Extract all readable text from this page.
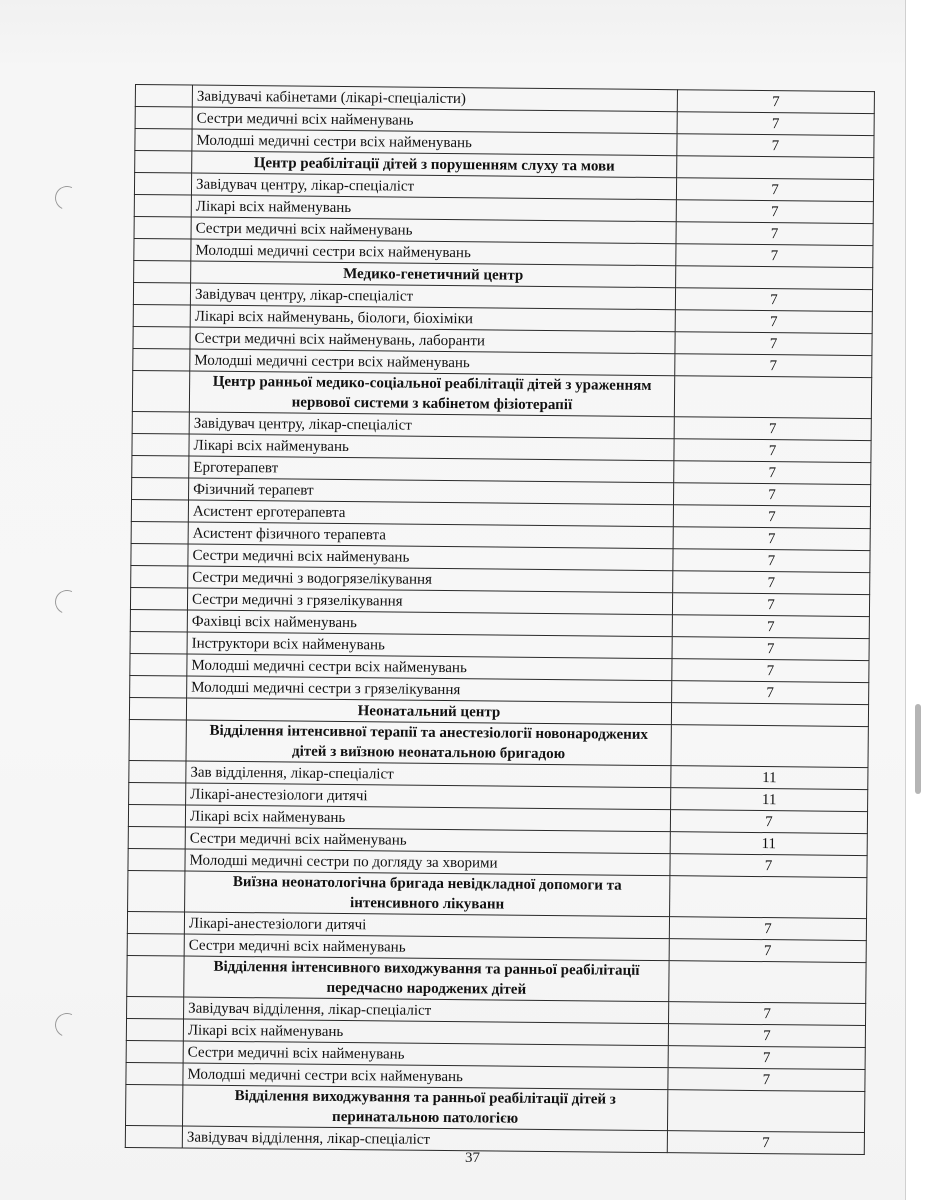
	Завідувачі кабінетами (лікарі-спеціалісти)	7
	Сестри медичні всіх найменувань	7
	Молодші медичні сестри всіх найменувань	7
	Центр реабілітації дітей з порушенням слуху та мови	
	Завідувач центру, лікар-спеціаліст	7
	Лікарі всіх найменувань	7
	Сестри медичні всіх найменувань	7
	Молодші медичні сестри всіх найменувань	7
	Медико-генетичний центр	
	Завідувач центру, лікар-спеціаліст	7
	Лікарі всіх найменувань, біологи, біохіміки	7
	Сестри медичні всіх найменувань, лаборанти	7
	Молодші медичні сестри всіх найменувань	7
	Центр ранньої медико-соціальної реабілітації дітей з ураженням нервової системи з кабінетом фізіотерапії	
	Завідувач центру, лікар-спеціаліст	7
	Лікарі всіх найменувань	7
	Ерготерапевт	7
	Фізичний терапевт	7
	Асистент ерготерапевта	7
	Асистент фізичного терапевта	7
	Сестри медичні всіх найменувань	7
	Сестри медичні з водогрязелікування	7
	Сестри медичні з грязелікування	7
	Фахівці всіх найменувань	7
	Інструктори всіх найменувань	7
	Молодші медичні сестри всіх найменувань	7
	Молодші медичні сестри з грязелікування	7
	Неонатальний центр	
	Відділення інтенсивної терапії та анестезіології новонароджених дітей з виїзною неонатальною бригадою	
	Зав відділення, лікар-спеціаліст	11
	Лікарі-анестезіологи дитячі	11
	Лікарі всіх найменувань	7
	Сестри медичні всіх найменувань	11
	Молодші медичні сестри по догляду за хворими	7
	Виїзна неонатологічна бригада невідкладної допомоги та інтенсивного лікуванн	
	Лікарі-анестезіологи дитячі	7
	Сестри медичні всіх найменувань	7
	Відділення інтенсивного виходжування та ранньої реабілітації передчасно народжених дітей	
	Завідувач відділення, лікар-спеціаліст	7
	Лікарі всіх найменувань	7
	Сестри медичні всіх найменувань	7
	Молодші медичні сестри всіх найменувань	7
	Відділення виходжування та ранньої реабілітації дітей з перинатальною патологією	
	Завідувач відділення, лікар-спеціаліст	7
37
